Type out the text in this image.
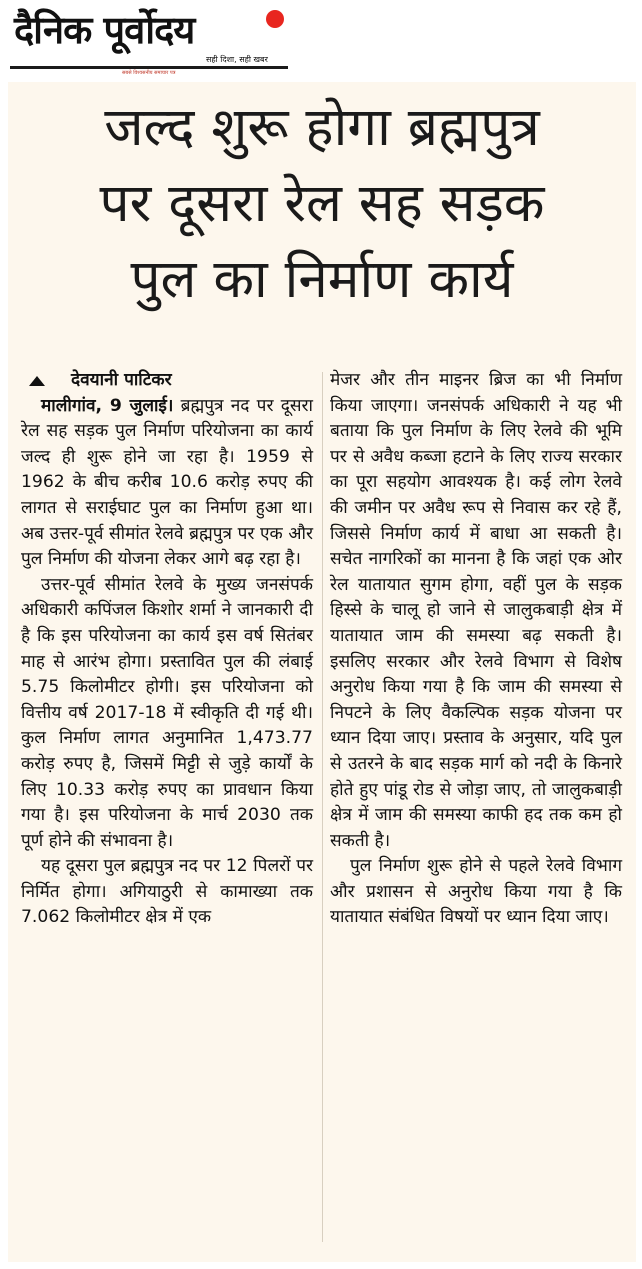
दैनिक पूर्वोदय
सही दिशा, सही खबर
सबसे विश्वसनीय समाचार पत्र
जल्द शुरू होगा ब्रह्मपुत्र
पर दूसरा रेल सह सड़क
पुल का निर्माण कार्य

देवयानी पाटिकर

मालीगांव, 9 जुलाई। ब्रह्मपुत्र नद पर दूसरा रेल सह सड़क पुल निर्माण परियोजना का कार्य जल्द ही शुरू होने जा रहा है। 1959 से 1962 के बीच करीब 10.6 करोड़ रुपए की लागत से सराईघाट पुल का निर्माण हुआ था। अब उत्तर-पूर्व सीमांत रेलवे ब्रह्मपुत्र पर एक और पुल निर्माण की योजना लेकर आगे बढ़ रहा है।

उत्तर-पूर्व सीमांत रेलवे के मुख्य जनसंपर्क अधिकारी कपिंजल किशोर शर्मा ने जानकारी दी है कि इस परियोजना का कार्य इस वर्ष सितंबर माह से आरंभ होगा। प्रस्तावित पुल की लंबाई 5.75 किलोमीटर होगी। इस परियोजना को वित्तीय वर्ष 2017-18 में स्वीकृति दी गई थी। कुल निर्माण लागत अनुमानित 1,473.77 करोड़ रुपए है, जिसमें मिट्टी से जुड़े कार्यों के लिए 10.33 करोड़ रुपए का प्रावधान किया गया है। इस परियोजना के मार्च 2030 तक पूर्ण होने की संभावना है।

यह दूसरा पुल ब्रह्मपुत्र नद पर 12 पिलरों पर निर्मित होगा। अगियाठुरी से कामाख्या तक 7.062 किलोमीटर क्षेत्र में एक

मेजर और तीन माइनर ब्रिज का भी निर्माण किया जाएगा। जनसंपर्क अधिकारी ने यह भी बताया कि पुल निर्माण के लिए रेलवे की भूमि पर से अवैध कब्जा हटाने के लिए राज्य सरकार का पूरा सहयोग आवश्यक है। कई लोग रेलवे की जमीन पर अवैध रूप से निवास कर रहे हैं, जिससे निर्माण कार्य में बाधा आ सकती है। सचेत नागरिकों का मानना है कि जहां एक ओर रेल यातायात सुगम होगा, वहीं पुल के सड़क हिस्से के चालू हो जाने से जालुकबाड़ी क्षेत्र में यातायात जाम की समस्या बढ़ सकती है। इसलिए सरकार और रेलवे विभाग से विशेष अनुरोध किया गया है कि जाम की समस्या से निपटने के लिए वैकल्पिक सड़क योजना पर ध्यान दिया जाए। प्रस्ताव के अनुसार, यदि पुल से उतरने के बाद सड़क मार्ग को नदी के किनारे होते हुए पांडू रोड से जोड़ा जाए, तो जालुकबाड़ी क्षेत्र में जाम की समस्या काफी हद तक कम हो सकती है।

पुल निर्माण शुरू होने से पहले रेलवे विभाग और प्रशासन से अनुरोध किया गया है कि यातायात संबंधित विषयों पर ध्यान दिया जाए।
